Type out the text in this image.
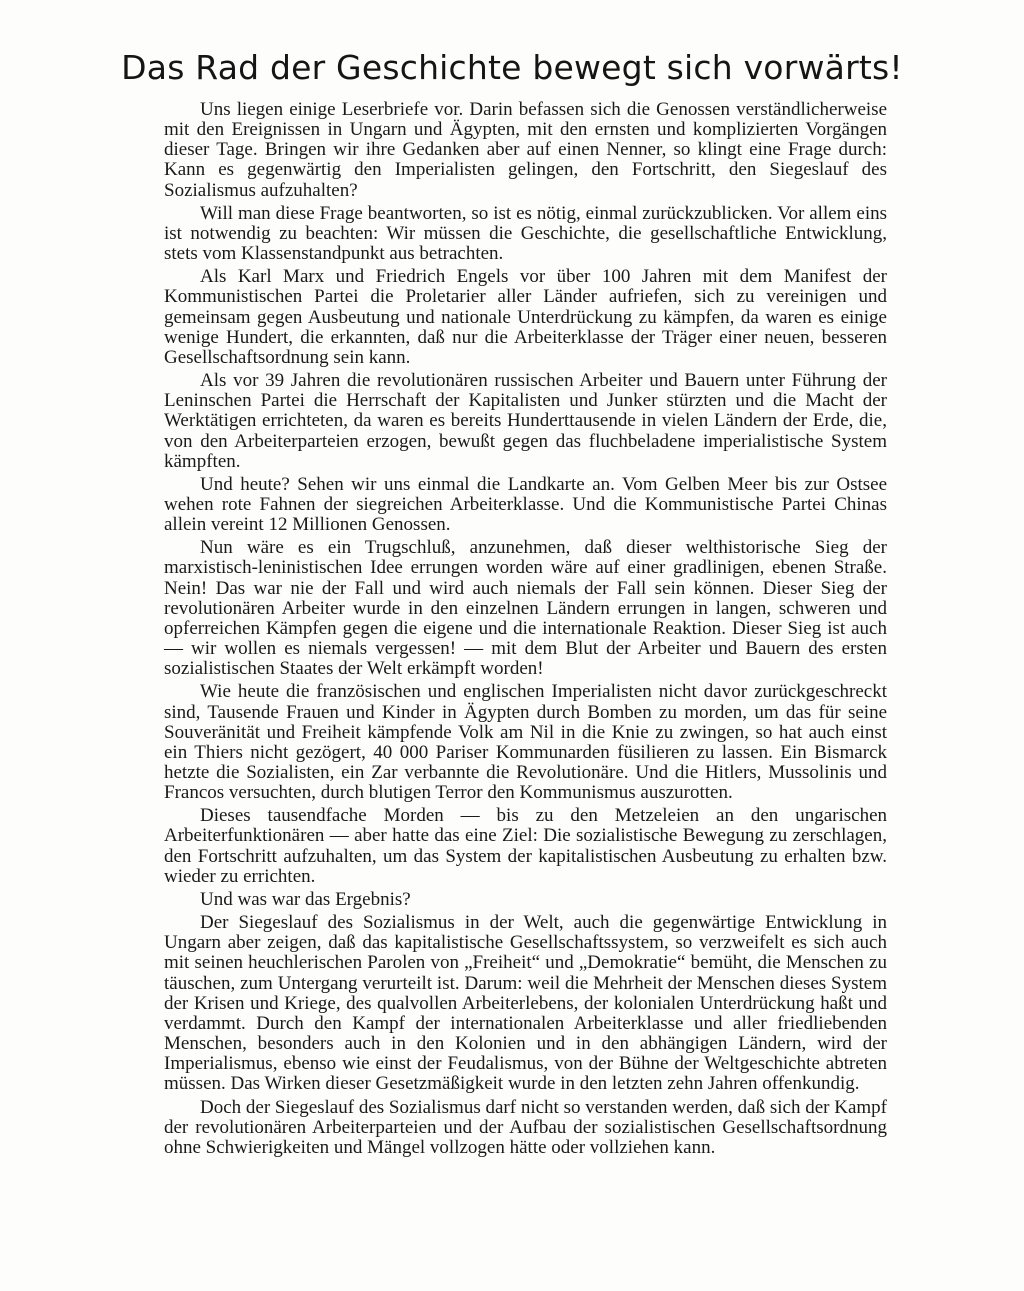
Das Rad der Geschichte bewegt sich vorwärts!

Uns liegen einige Leserbriefe vor. Darin befassen sich die Genossen verständlicherweise mit den Ereignissen in Ungarn und Ägypten, mit den ernsten und komplizierten Vorgängen dieser Tage. Bringen wir ihre Gedanken aber auf einen Nenner, so klingt eine Frage durch: Kann es gegenwärtig den Imperialisten gelingen, den Fortschritt, den Siegeslauf des Sozialismus aufzuhalten?

Will man diese Frage beantworten, so ist es nötig, einmal zurückzublicken. Vor allem eins ist notwendig zu beachten: Wir müssen die Geschichte, die gesellschaftliche Entwicklung, stets vom Klassenstandpunkt aus betrachten.

Als Karl Marx und Friedrich Engels vor über 100 Jahren mit dem Manifest der Kommunistischen Partei die Proletarier aller Länder aufriefen, sich zu vereinigen und gemeinsam gegen Ausbeutung und nationale Unterdrückung zu kämpfen, da waren es einige wenige Hundert, die erkannten, daß nur die Arbeiterklasse der Träger einer neuen, besseren Gesellschaftsordnung sein kann.

Als vor 39 Jahren die revolutionären russischen Arbeiter und Bauern unter Führung der Leninschen Partei die Herrschaft der Kapitalisten und Junker stürzten und die Macht der Werktätigen errichteten, da waren es bereits Hunderttausende in vielen Ländern der Erde, die, von den Arbeiterparteien erzogen, bewußt gegen das fluchbeladene imperialistische System kämpften.

Und heute? Sehen wir uns einmal die Landkarte an. Vom Gelben Meer bis zur Ostsee wehen rote Fahnen der siegreichen Arbeiterklasse. Und die Kommunistische Partei Chinas allein vereint 12 Millionen Genossen.

Nun wäre es ein Trugschluß, anzunehmen, daß dieser welthistorische Sieg der marxistisch-leninistischen Idee errungen worden wäre auf einer gradlinigen, ebenen Straße. Nein! Das war nie der Fall und wird auch niemals der Fall sein können. Dieser Sieg der revolutionären Arbeiter wurde in den einzelnen Ländern errungen in langen, schweren und opferreichen Kämpfen gegen die eigene und die internationale Reaktion. Dieser Sieg ist auch — wir wollen es niemals vergessen! — mit dem Blut der Arbeiter und Bauern des ersten sozialistischen Staates der Welt erkämpft worden!

Wie heute die französischen und englischen Imperialisten nicht davor zurückgeschreckt sind, Tausende Frauen und Kinder in Ägypten durch Bomben zu morden, um das für seine Souveränität und Freiheit kämpfende Volk am Nil in die Knie zu zwingen, so hat auch einst ein Thiers nicht gezögert, 40 000 Pariser Kommunarden füsilieren zu lassen. Ein Bismarck hetzte die Sozialisten, ein Zar verbannte die Revolutionäre. Und die Hitlers, Mussolinis und Francos versuchten, durch blutigen Terror den Kommunismus auszurotten.

Dieses tausendfache Morden — bis zu den Metzeleien an den ungarischen Arbeiterfunktionären — aber hatte das eine Ziel: Die sozialistische Bewegung zu zerschlagen, den Fortschritt aufzuhalten, um das System der kapitalistischen Ausbeutung zu erhalten bzw. wieder zu errichten.

Und was war das Ergebnis?

Der Siegeslauf des Sozialismus in der Welt, auch die gegenwärtige Entwicklung in Ungarn aber zeigen, daß das kapitalistische Gesellschaftssystem, so verzweifelt es sich auch mit seinen heuchlerischen Parolen von „Freiheit“ und „Demokratie“ bemüht, die Menschen zu täuschen, zum Untergang verurteilt ist. Darum: weil die Mehrheit der Menschen dieses System der Krisen und Kriege, des qualvollen Arbeiterlebens, der kolonialen Unterdrückung haßt und verdammt. Durch den Kampf der internationalen Arbeiterklasse und aller friedliebenden Menschen, besonders auch in den Kolonien und in den abhängigen Ländern, wird der Imperialismus, ebenso wie einst der Feudalismus, von der Bühne der Weltgeschichte abtreten müssen. Das Wirken dieser Gesetzmäßigkeit wurde in den letzten zehn Jahren offenkundig.

Doch der Siegeslauf des Sozialismus darf nicht so verstanden werden, daß sich der Kampf der revolutionären Arbeiterparteien und der Aufbau der sozialistischen Gesellschaftsordnung ohne Schwierigkeiten und Mängel vollzogen hätte oder vollziehen kann.
